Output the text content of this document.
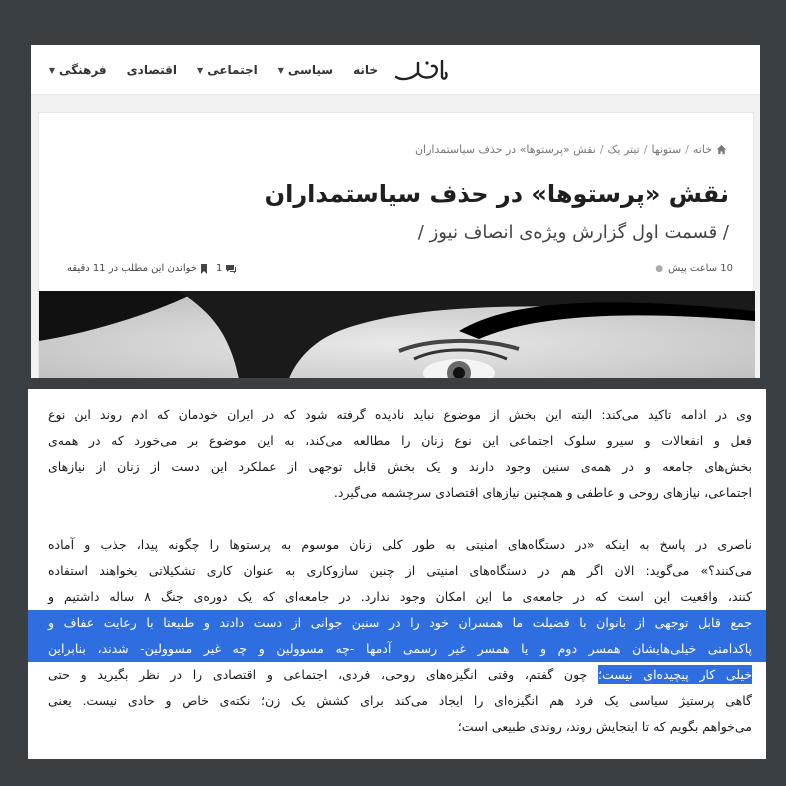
خانه
سیاسی
▼
اجتماعی
▼
اقتصادی
فرهنگی
▼
خانه
/
ستونها
/
تیتر یک
/
نقش «پرستوها» در حذف سیاستمداران
نقش «پرستوها» در حذف سیاستمداران
/ قسمت اول گزارش ویژه‌ی انصاف نیوز /
10 ساعت پیش
●
1
خواندن این مطلب در 11 دقیقه
وی در ادامه تاکید می‌کند: البته این بخش از موضوع نباید نادیده گرفته شود که در ایران خودمان که ادم روند این نوع
فعل و انفعالات و سیرو سلوک اجتماعی این نوع زنان را مطالعه می‌کند، به این موضوع بر می‌خورد که در همه‌ی
بخش‌های جامعه و در همه‌ی سنین وجود دارند و یک بخش قابل توجهی از عملکرد این دست از زنان از نیازهای
اجتماعی، نیازهای روحی و عاطفی و همچنین نیازهای اقتصادی سرچشمه می‌گیرد.
ناصری در پاسخ به اینکه «در دستگاه‌های امنیتی به طور کلی زنان موسوم به پرستوها را چگونه پیدا، جذب و آماده
می‌کنند؟» می‌گوید: الان اگر هم در دستگاه‌های امنیتی از چنین سازوکاری به عنوان کاری تشکیلاتی بخواهند استفاده
کنند، واقعیت این است که در جامعه‌ی ما این امکان وجود ندارد. در جامعه‌ای که یک دوره‌ی جنگ ۸ ساله داشتیم و
جمع قابل توجهی از بانوان با فضیلت ما همسران خود را در سنین جوانی از دست دادند و طبیعتا با رعایت عفاف و
پاکدامنی خیلی‌هایشان همسر دوم و یا همسر غیر رسمی آدمها -چه مسوولین و چه غیر مسوولین- شدند، بنابراین
خیلی کار پیچیده‌ای نیست؛ چون گفتم، وقتی انگیزه‌های روحی، فردی، اجتماعی و اقتصادی را در نظر بگیرید و حتی
گاهی پرستیژ سیاسی یک فرد هم انگیزه‌ای را ایجاد می‌کند برای کشش یک زن؛ نکته‌ی خاص و حادی نیست. یعنی
می‌خواهم بگویم که تا اینجایش روند، روندی طبیعی است؛
